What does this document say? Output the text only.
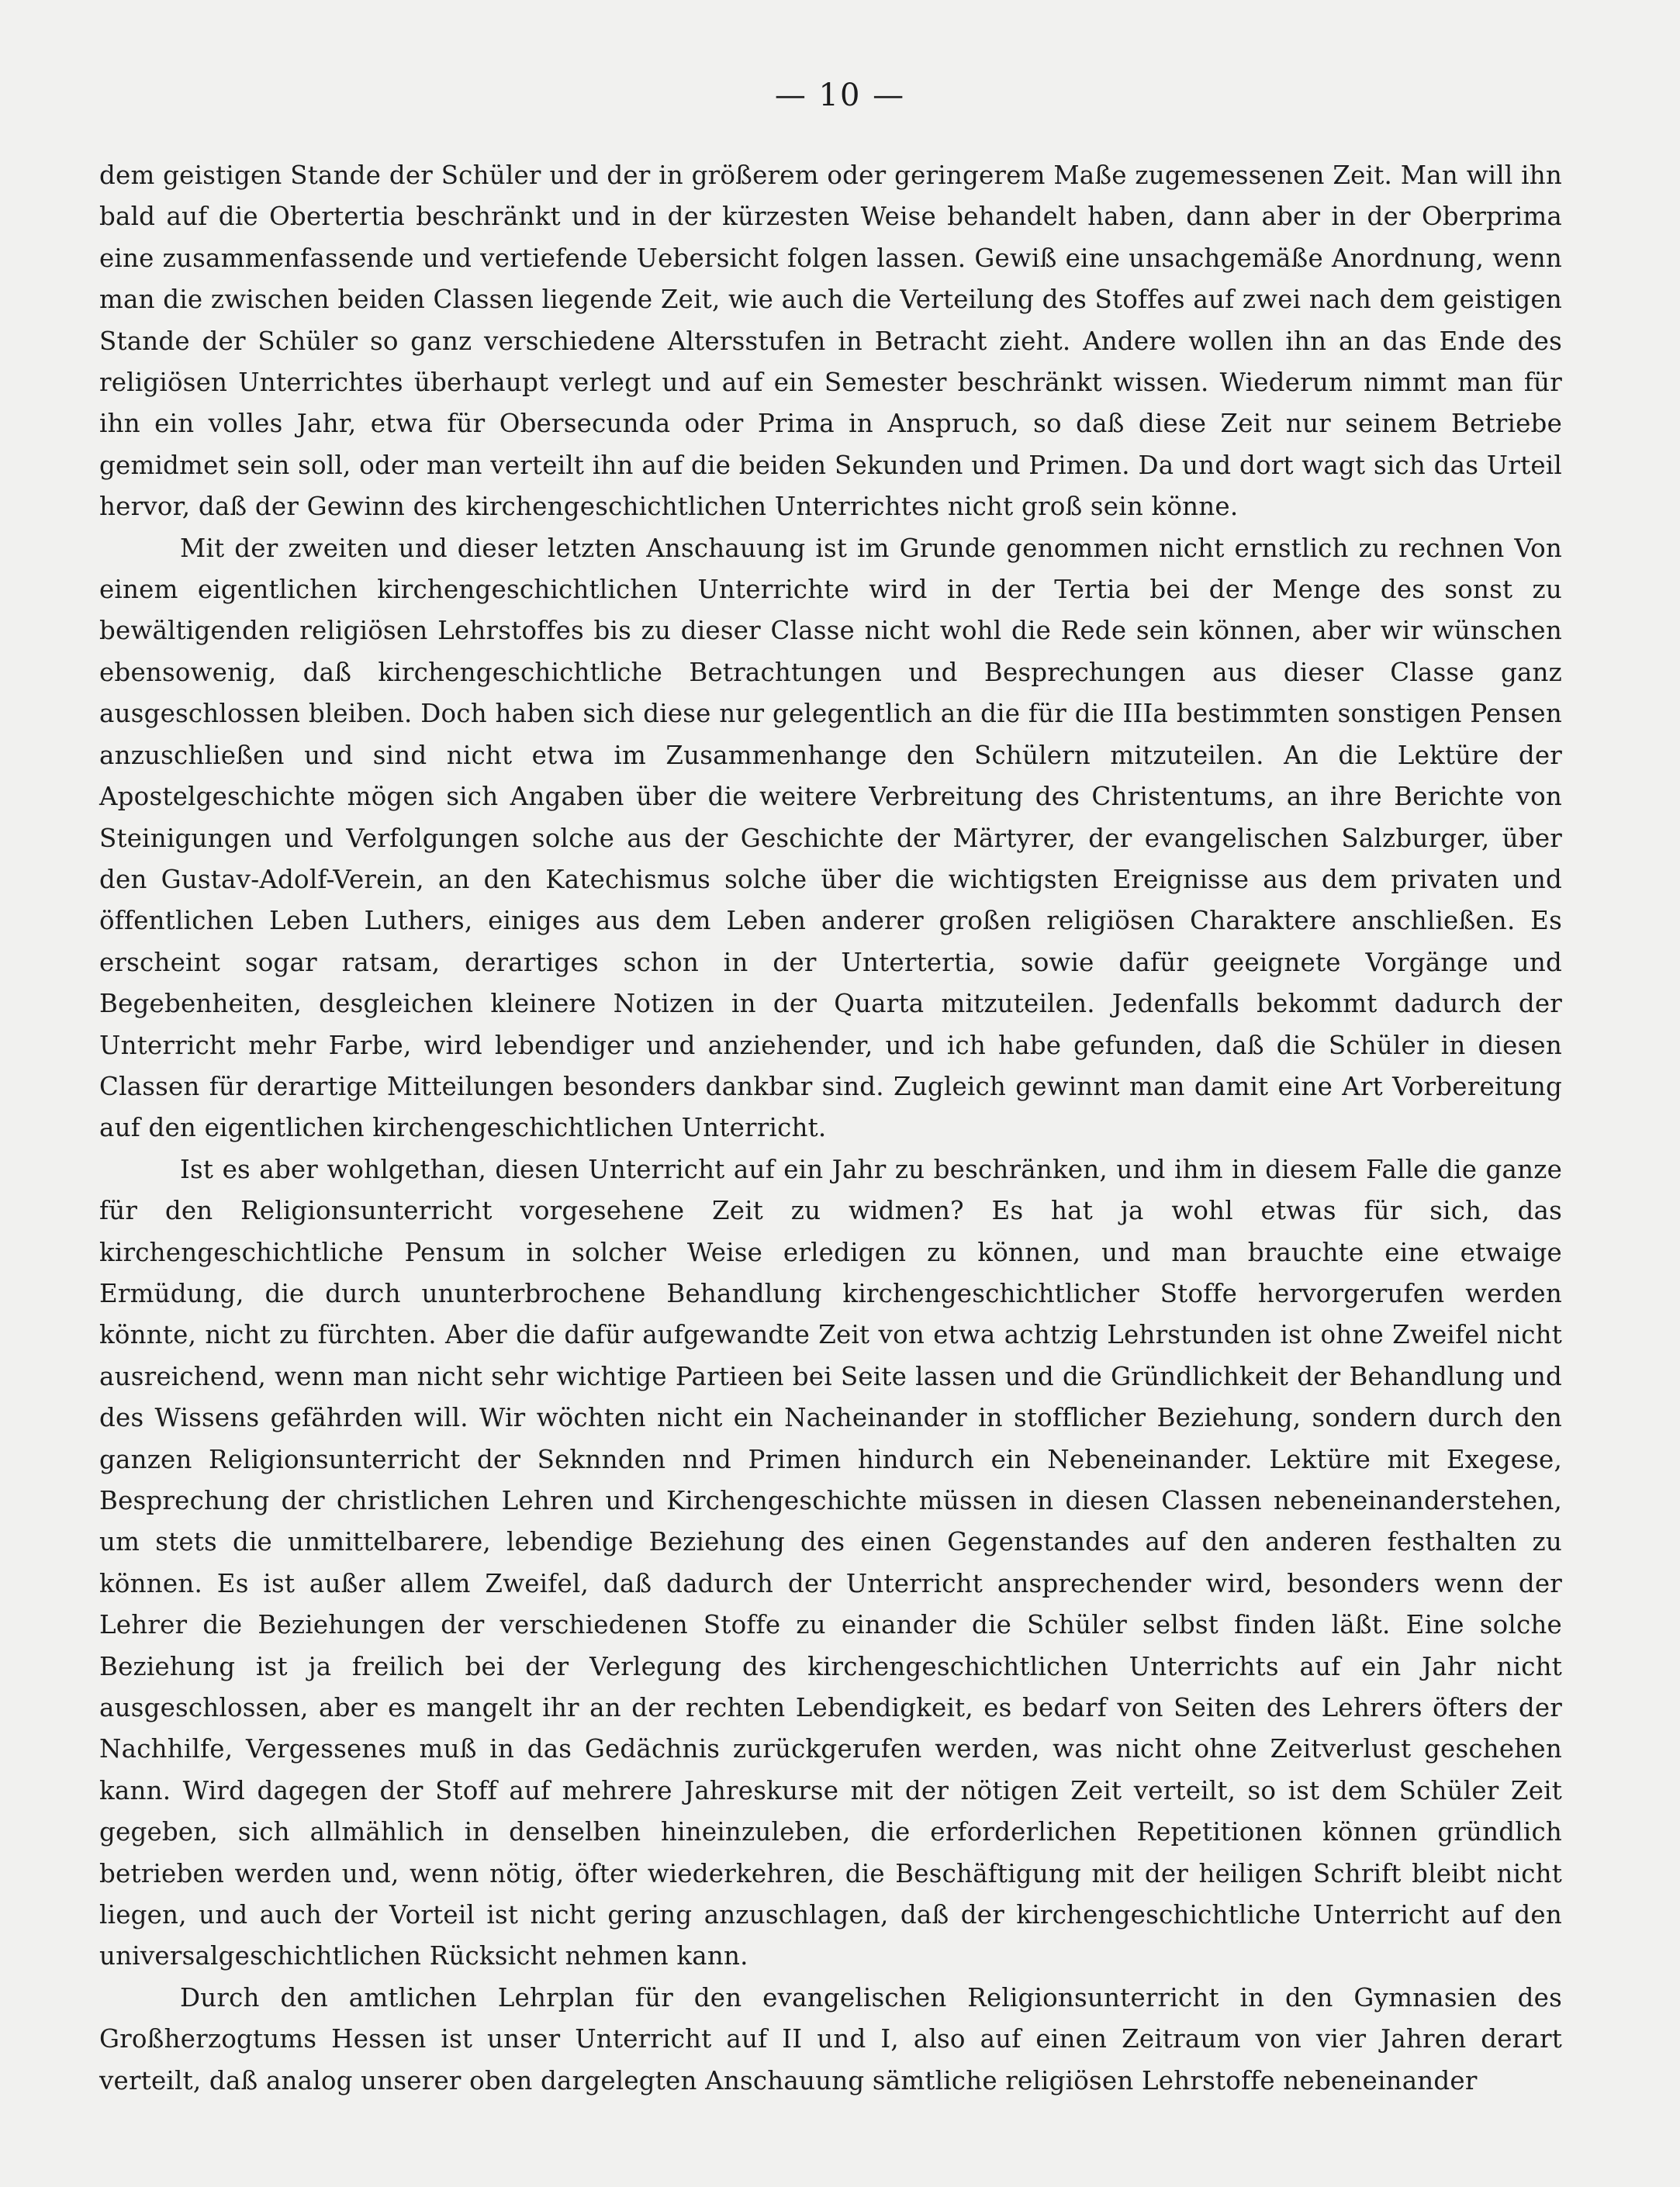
— 10 —

dem geistigen Stande der Schüler und der in größerem oder geringerem Maße zugemessenen Zeit. Man will ihn bald auf die Obertertia beschränkt und in der kürzesten Weise behandelt haben, dann aber in der Oberprima eine zusammenfassende und vertiefende Uebersicht folgen lassen. Gewiß eine unsachgemäße Anordnung, wenn man die zwischen beiden Classen liegende Zeit, wie auch die Verteilung des Stoffes auf zwei nach dem geistigen Stande der Schüler so ganz verschiedene Altersstufen in Betracht zieht. Andere wollen ihn an das Ende des religiösen Unterrichtes überhaupt verlegt und auf ein Semester beschränkt wissen. Wiederum nimmt man für ihn ein volles Jahr, etwa für Obersecunda oder Prima in Anspruch, so daß diese Zeit nur seinem Betriebe gemidmet sein soll, oder man verteilt ihn auf die beiden Sekunden und Primen. Da und dort wagt sich das Urteil hervor, daß der Gewinn des kirchengeschichtlichen Unterrichtes nicht groß sein könne.

Mit der zweiten und dieser letzten Anschauung ist im Grunde genommen nicht ernstlich zu rechnen Von einem eigentlichen kirchengeschichtlichen Unterrichte wird in der Tertia bei der Menge des sonst zu bewältigenden religiösen Lehrstoffes bis zu dieser Classe nicht wohl die Rede sein können, aber wir wünschen ebensowenig, daß kirchengeschichtliche Betrachtungen und Besprechungen aus dieser Classe ganz ausgeschlossen bleiben. Doch haben sich diese nur gelegentlich an die für die IIIa bestimmten sonstigen Pensen anzuschließen und sind nicht etwa im Zusammenhange den Schülern mitzuteilen. An die Lektüre der Apostelgeschichte mögen sich Angaben über die weitere Verbreitung des Christentums, an ihre Berichte von Steinigungen und Verfolgungen solche aus der Geschichte der Märtyrer, der evangelischen Salzburger, über den Gustav-Adolf-Verein, an den Katechismus solche über die wichtigsten Ereignisse aus dem privaten und öffentlichen Leben Luthers, einiges aus dem Leben anderer großen religiösen Charaktere anschließen. Es erscheint sogar ratsam, derartiges schon in der Untertertia, sowie dafür geeignete Vorgänge und Begebenheiten, desgleichen kleinere Notizen in der Quarta mitzuteilen. Jedenfalls bekommt dadurch der Unterricht mehr Farbe, wird lebendiger und anziehender, und ich habe gefunden, daß die Schüler in diesen Classen für derartige Mitteilungen besonders dankbar sind. Zugleich gewinnt man damit eine Art Vorbereitung auf den eigentlichen kirchengeschichtlichen Unterricht.

Ist es aber wohlgethan, diesen Unterricht auf ein Jahr zu beschränken, und ihm in diesem Falle die ganze für den Religionsunterricht vorgesehene Zeit zu widmen? Es hat ja wohl etwas für sich, das kirchengeschichtliche Pensum in solcher Weise erledigen zu können, und man brauchte eine etwaige Ermüdung, die durch ununterbrochene Behandlung kirchengeschichtlicher Stoffe hervorgerufen werden könnte, nicht zu fürchten. Aber die dafür aufgewandte Zeit von etwa achtzig Lehrstunden ist ohne Zweifel nicht ausreichend, wenn man nicht sehr wichtige Partieen bei Seite lassen und die Gründlichkeit der Behandlung und des Wissens gefährden will. Wir wöchten nicht ein Nacheinander in stofflicher Beziehung, sondern durch den ganzen Religionsunterricht der Seknnden nnd Primen hindurch ein Nebeneinander. Lektüre mit Exegese, Besprechung der christlichen Lehren und Kirchengeschichte müssen in diesen Classen nebeneinanderstehen, um stets die unmittelbarere, lebendige Beziehung des einen Gegenstandes auf den anderen festhalten zu können. Es ist außer allem Zweifel, daß dadurch der Unterricht ansprechender wird, besonders wenn der Lehrer die Beziehungen der verschiedenen Stoffe zu einander die Schüler selbst finden läßt. Eine solche Beziehung ist ja freilich bei der Verlegung des kirchengeschichtlichen Unterrichts auf ein Jahr nicht ausgeschlossen, aber es mangelt ihr an der rechten Lebendigkeit, es bedarf von Seiten des Lehrers öfters der Nachhilfe, Vergessenes muß in das Gedächnis zurückgerufen werden, was nicht ohne Zeitverlust geschehen kann. Wird dagegen der Stoff auf mehrere Jahreskurse mit der nötigen Zeit verteilt, so ist dem Schüler Zeit gegeben, sich allmählich in denselben hineinzuleben, die erforderlichen Repetitionen können gründlich betrieben werden und, wenn nötig, öfter wiederkehren, die Beschäftigung mit der heiligen Schrift bleibt nicht liegen, und auch der Vorteil ist nicht gering anzuschlagen, daß der kirchengeschichtliche Unterricht auf den universalgeschichtlichen Rücksicht nehmen kann.

Durch den amtlichen Lehrplan für den evangelischen Religionsunterricht in den Gymnasien des Großherzogtums Hessen ist unser Unterricht auf II und I, also auf einen Zeitraum von vier Jahren derart verteilt, daß analog unserer oben dargelegten Anschauung sämtliche religiösen Lehrstoffe nebeneinander
